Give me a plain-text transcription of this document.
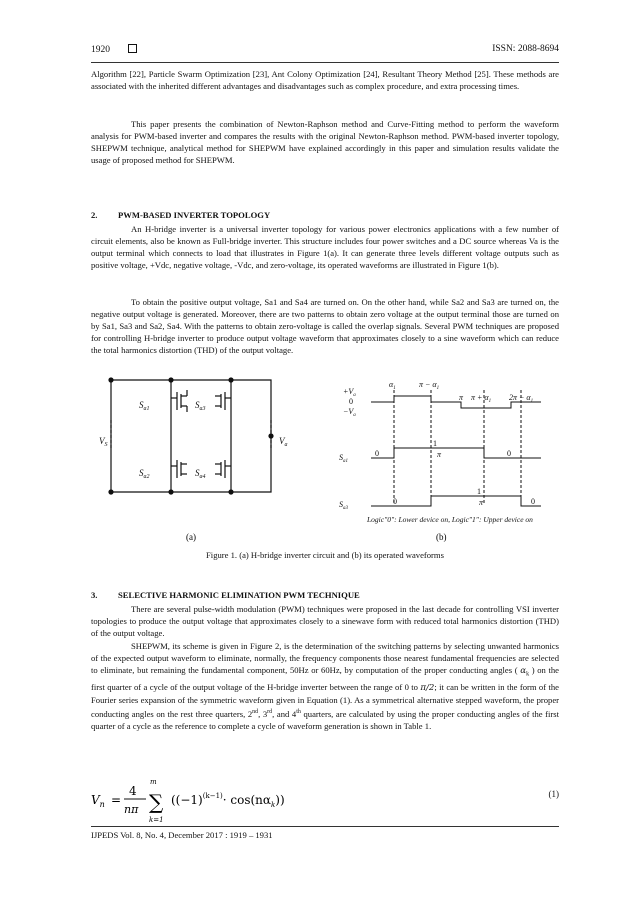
1920	ISSN: 2088-8694

Algorithm [22], Particle Swarm Optimization [23], Ant Colony Optimization [24], Resultant Theory Method [25]. These methods are associated with the inherited different advantages and disadvantages such as complex procedure, and extra processing times.

This paper presents the combination of Newton-Raphson method and Curve-Fitting method to perform the waveform analysis for PWM-based inverter and compares the results with the original Newton-Raphson method. PWM-based inverter topology, SHEPWM technique, analytical method for SHEPWM have explained accordingly in this paper and simulation results validate the usage of proposed method for SHEPWM.

2. PWM-BASED INVERTER TOPOLOGY

An H-bridge inverter is a universal inverter topology for various power electronics applications with a few number of circuit elements, also be known as Full-bridge inverter. This structure includes four power switches and a DC source whereas Va is the output terminal which connects to load that illustrates in Figure 1(a). It can generate three levels different voltage outputs such as positive voltage, +Vdc, negative voltage, -Vdc, and zero-voltage, its operated waveforms are illustrated in Figure 1(b).

To obtain the positive output voltage, Sa1 and Sa4 are turned on. On the other hand, while Sa2 and Sa3 are turned on, the negative output voltage is generated. Moreover, there are two patterns to obtain zero voltage at the output terminal those are turned on by Sa1, Sa3 and Sa2, Sa4. With the patterns to obtain zero-voltage is called the overlap signals. Several PWM techniques are proposed for controlling H-bridge inverter to produce output voltage waveform that approximates closely to a sine waveform which can reduce the total harmonics distortion (THD) of the output voltage.

$V_S$	$V_a$
$S_{a1}$
$S_{a2}$
$S_{a3}$
$S_{a4}$
(a)
$+V_a$
0
$-V_a$
$\alpha_1$	$\pi - \alpha_1$
π $\pi + \alpha_1$ $2\pi - \alpha_1$
$S_{a1}$
$S_{a3}$
0
1
π	0
0
1
π	0
Logic"0": Lower device on, Logic"1": Upper device on
(b)
Figure 1. (a) H-bridge inverter circuit and (b) its operated waveforms
3. SELECTIVE HARMONIC ELIMINATION PWM TECHNIQUE

There are several pulse-width modulation (PWM) techniques were proposed in the last decade for controlling VSI inverter topologies to produce the output voltage that approximates closely to a sinewave form with reduced total harmonics distortion (THD) of the output voltage.

SHEPWM, its scheme is given in Figure 2, is the determination of the switching patterns by selecting unwanted harmonics of the expected output waveform to eliminate, normally, the frequency components those nearest fundamental frequencies are selected to eliminate, but remaining the fundamental component, 50Hz or 60Hz, by computation of the proper conducting angles ( $\alpha_k$ ) on the first quarter of a cycle of the output voltage of the H-bridge inverter between the range of 0 to π/2; it can be written in the form of the Fourier series expansion of the symmetric waveform given in Equation (1). As a symmetrical alternative stepped waveform, the proper conducting angles on the rest three quarters, 2nd, 3rd, and 4th quarters, are calculated by using the proper conducting angles of the first quarter of a cycle as the reference to complete a cycle of waveform generation is shown in Table 1.

$V_n$ =
4
nπ
m
∑
k=1
$((-1)^{(k-1)}\cdot \cos(n\alpha_k))$	(1)
IJPEDS Vol. 8, No. 4, December 2017 : 1919 – 1931
